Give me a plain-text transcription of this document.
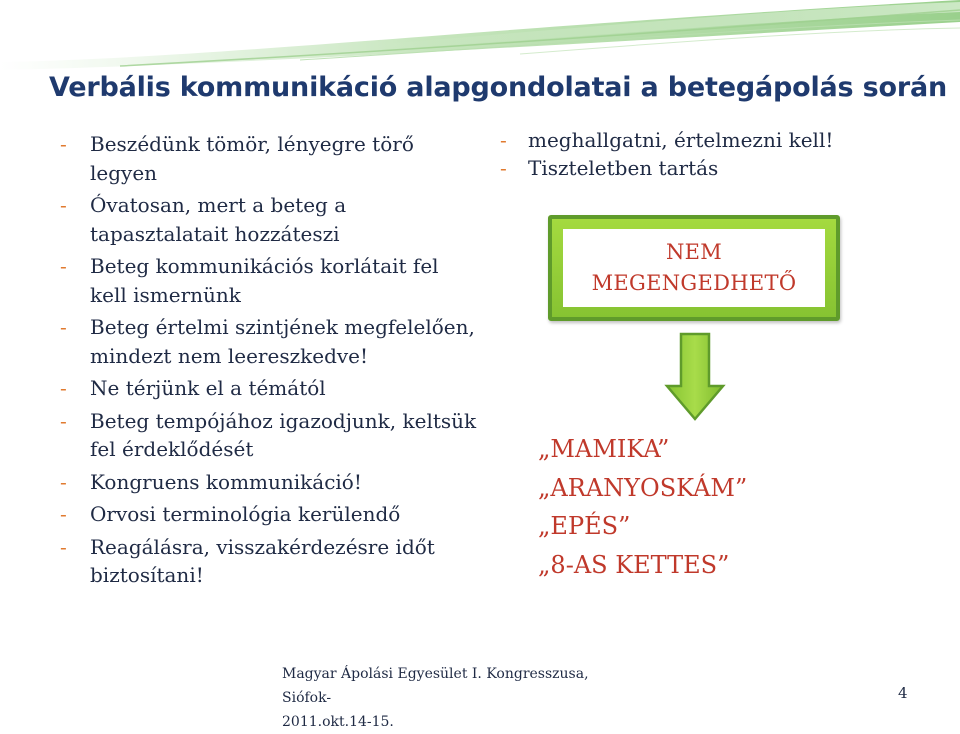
Verbális kommunikáció alapgondolatai a betegápolás során
- Beszédünk tömör, lényegre törő legyen
- Óvatosan, mert a beteg a tapasztalatait hozzáteszi
- Beteg kommunikációs korlátait fel kell ismernünk
- Beteg értelmi szintjének megfelelően, mindezt nem leereszkedve!
- Ne térjünk el a témától
- Beteg tempójához igazodjunk, keltsük fel érdeklődését
- Kongruens kommunikáció!
- Orvosi terminológia kerülendő
- Reagálásra, visszakérdezésre időt biztosítani!
- meghallgatni, értelmezni kell!
- Tiszteletben tartás
NEM
MEGENGEDHETŐ
„MAMIKA”
„ARANYOSKÁM”
„EPÉS”
„8-AS KETTES”
Magyar Ápolási Egyesület I. Kongresszusa, Siófok-
2011.okt.14-15.
4
